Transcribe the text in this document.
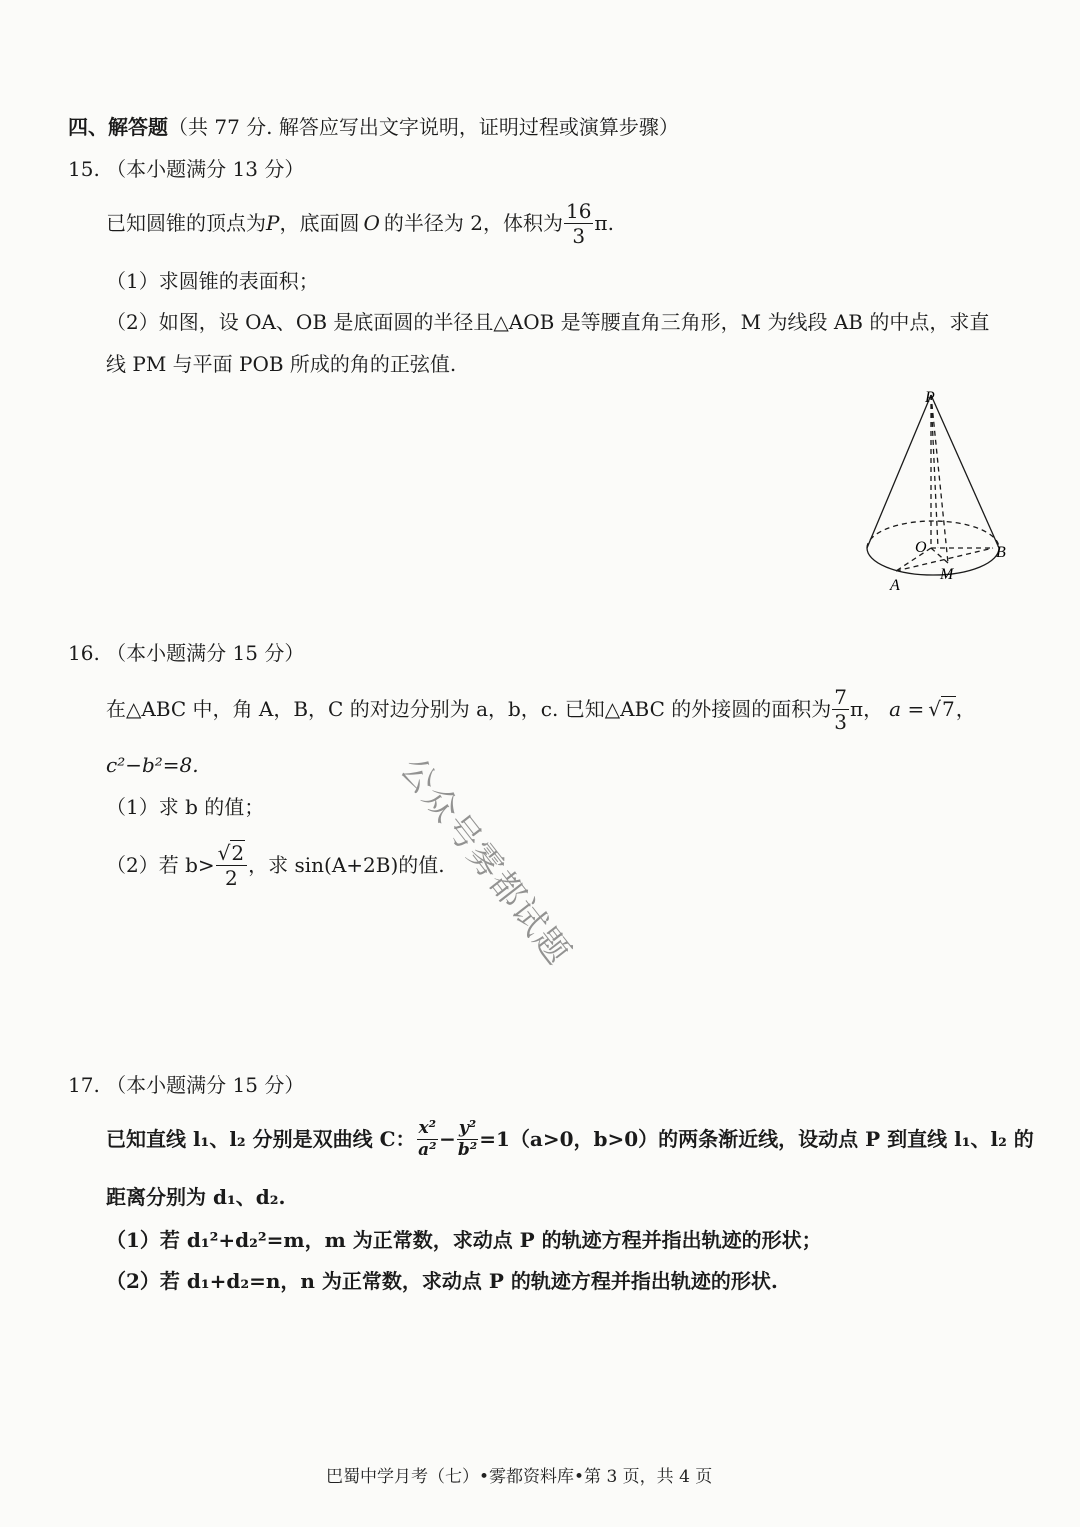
四、解答题（共 77 分. 解答应写出文字说明，证明过程或演算步骤）
15. （本小题满分 13 分）
已知圆锥的顶点为 P ，底面圆 O 的半径为 2，体积为 $\frac{16}{3} \pi$.
（1）求圆锥的表面积；
（2）如图，设 OA、OB 是底面圆的半径且△AOB 是等腰直角三角形，M 为线段 AB 的中点，求直
线 PM 与平面 POB 所成的角的正弦值.
P
O	B
A
M
16. （本小题满分 15 分）
在△ABC 中，角 A，B，C 的对边分别为 a，b，c. 已知△ABC 的外接圆的面积为 $\frac{7}{3}$ π， a = √7 ，
c²−b²=8.
（1）求 b 的值；
（2）若 $b> \frac{√2}{2}$ ，求 sin(A+2B)的值.
公众号雾都试题
17. （本小题满分 15 分）
已知直线 l₁、l₂ 分别是双曲线 C： $\frac{\text{x²}}{\text{a²}} - \frac{\text{y²}}{\text{b²}} =1(a>0$，b>0）的两条渐近线，设动点 P 到直线 l₁、l₂ 的
距离分别为 d₁、d₂.
（1）若 d₁²+d₂²=m，m 为正常数，求动点 P 的轨迹方程并指出轨迹的形状；
（2）若 d₁+d₂=n，n 为正常数，求动点 P 的轨迹方程并指出轨迹的形状.
巴蜀中学月考（七）•雾都资料库•第 3 页，共 4 页
